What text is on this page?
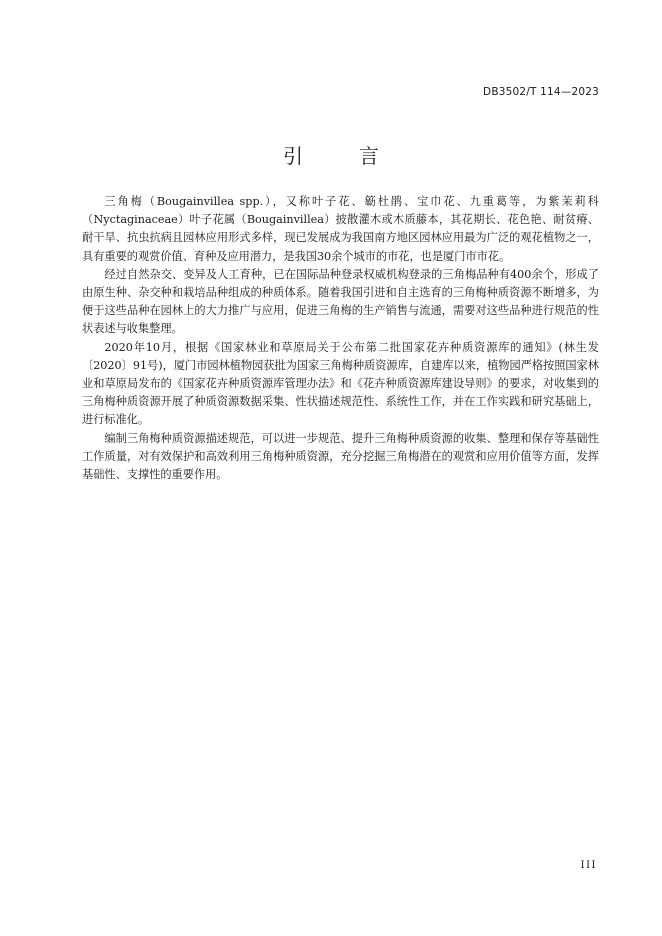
DB3502/T 114—2023
引　言

三角梅（Bougainvillea spp.），又称叶子花、簕杜鹃、宝巾花、九重葛等，为紫茉莉科（Nyctaginaceae）叶子花属（Bougainvillea）披散灌木或木质藤本，其花期长、花色艳、耐贫瘠、耐干旱、抗虫抗病且园林应用形式多样，现已发展成为我国南方地区园林应用最为广泛的观花植物之一，具有重要的观赏价值、育种及应用潜力，是我国30余个城市的市花，也是厦门市市花。

经过自然杂交、变异及人工育种，已在国际品种登录权威机构登录的三角梅品种有400余个，形成了由原生种、杂交种和栽培品种组成的种质体系。随着我国引进和自主选育的三角梅种质资源不断增多，为便于这些品种在园林上的大力推广与应用，促进三角梅的生产销售与流通，需要对这些品种进行规范的性状表述与收集整理。

2020年10月，根据《国家林业和草原局关于公布第二批国家花卉种质资源库的通知》(林生发〔2020〕91号)，厦门市园林植物园获批为国家三角梅种质资源库，自建库以来，植物园严格按照国家林业和草原局发布的《国家花卉种质资源库管理办法》和《花卉种质资源库建设导则》的要求，对收集到的三角梅种质资源开展了种质资源数据采集、性状描述规范性、系统性工作，并在工作实践和研究基础上，进行标准化。

编制三角梅种质资源描述规范，可以进一步规范、提升三角梅种质资源的收集、整理和保存等基础性工作质量，对有效保护和高效利用三角梅种质资源，充分挖掘三角梅潜在的观赏和应用价值等方面，发挥基础性、支撑性的重要作用。

III
